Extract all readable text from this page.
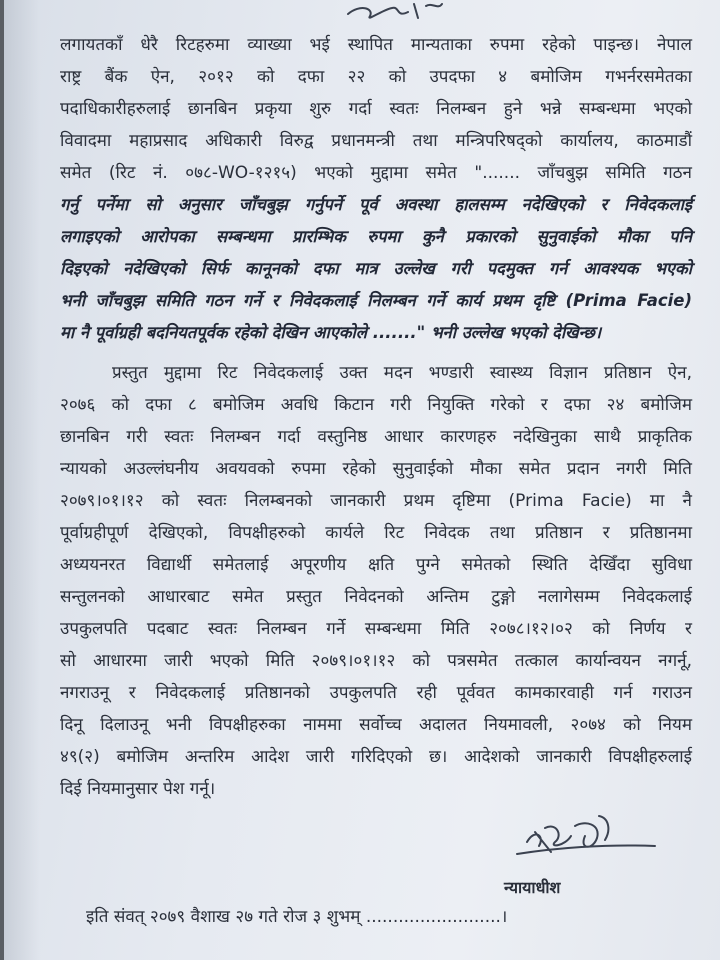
लगायतकाँ धेरै रिटहरुमा व्याख्या भई स्थापित मान्यताका रुपमा रहेको पाइन्छ। नेपाल
राष्ट्र बैंक ऐन, २०१२ को दफा २२ को उपदफा ४ बमोजिम गभर्नरसमेतका
पदाधिकारीहरुलाई छानबिन प्रकृया शुरु गर्दा स्वतः निलम्बन हुने भन्ने सम्बन्धमा भएको
विवादमा महाप्रसाद अधिकारी विरुद्व प्रधानमन्त्री तथा मन्त्रिपरिषद्को कार्यालय, काठमाडौं
समेत (रिट नं. ०७८-WO-१२१५) भएको मुद्दामा समेत "....... जाँचबुझ समिति गठन
गर्नु पर्नेमा सो अनुसार जाँचबुझ गर्नुपर्ने पूर्व अवस्था हालसम्म नदेखिएको र निवेदकलाई
लगाइएको आरोपका सम्बन्धमा प्रारम्भिक रुपमा कुनै प्रकारको सुनुवाईको मौका पनि
दिइएको नदेखिएको सिर्फ कानूनको दफा मात्र उल्लेख गरी पदमुक्त गर्न आवश्यक भएको
भनी जाँचबुझ समिति गठन गर्ने र निवेदकलाई निलम्बन गर्ने कार्य प्रथम दृष्टि (Prima Facie)
मा नै पूर्वाग्रही बदनियतपूर्वक रहेको देखिन आएकोले ......." भनी उल्लेख भएको देखिन्छ।
प्रस्तुत मुद्दामा रिट निवेदकलाई उक्त मदन भण्डारी स्वास्थ्य विज्ञान प्रतिष्ठान ऐन,
२०७६ को दफा ८ बमोजिम अवधि किटान गरी नियुक्ति गरेको र दफा २४ बमोजिम
छानबिन गरी स्वतः निलम्बन गर्दा वस्तुनिष्ठ आधार कारणहरु नदेखिनुका साथै प्राकृतिक
न्यायको अउल्लंघनीय अवयवको रुपमा रहेको सुनुवाईको मौका समेत प्रदान नगरी मिति
२०७९।०१।१२ को स्वतः निलम्बनको जानकारी प्रथम दृष्टिमा (Prima Facie) मा नै
पूर्वाग्रहीपूर्ण देखिएको, विपक्षीहरुको कार्यले रिट निवेदक तथा प्रतिष्ठान र प्रतिष्ठानमा
अध्ययनरत विद्यार्थी समेतलाई अपूरणीय क्षति पुग्ने समेतको स्थिति देखिँदा सुविधा
सन्तुलनको आधारबाट समेत प्रस्तुत निवेदनको अन्तिम टुङ्गो नलागेसम्म निवेदकलाई
उपकुलपति पदबाट स्वतः निलम्बन गर्ने सम्बन्धमा मिति २०७८।१२।०२ को निर्णय र
सो आधारमा जारी भएको मिति २०७९।०१।१२ को पत्रसमेत तत्काल कार्यान्वयन नगर्नू,
नगराउनू र निवेदकलाई प्रतिष्ठानको उपकुलपति रही पूर्ववत कामकारवाही गर्न गराउन
दिनू दिलाउनू भनी विपक्षीहरुका नाममा सर्वोच्च अदालत नियमावली, २०७४ को नियम
४९(२) बमोजिम अन्तरिम आदेश जारी गरिदिएको छ। आदेशको जानकारी विपक्षीहरुलाई
दिई नियमानुसार पेश गर्नू।
न्यायाधीश
इति संवत् २०७९ वैशाख २७ गते रोज ३ शुभम् .........................।
